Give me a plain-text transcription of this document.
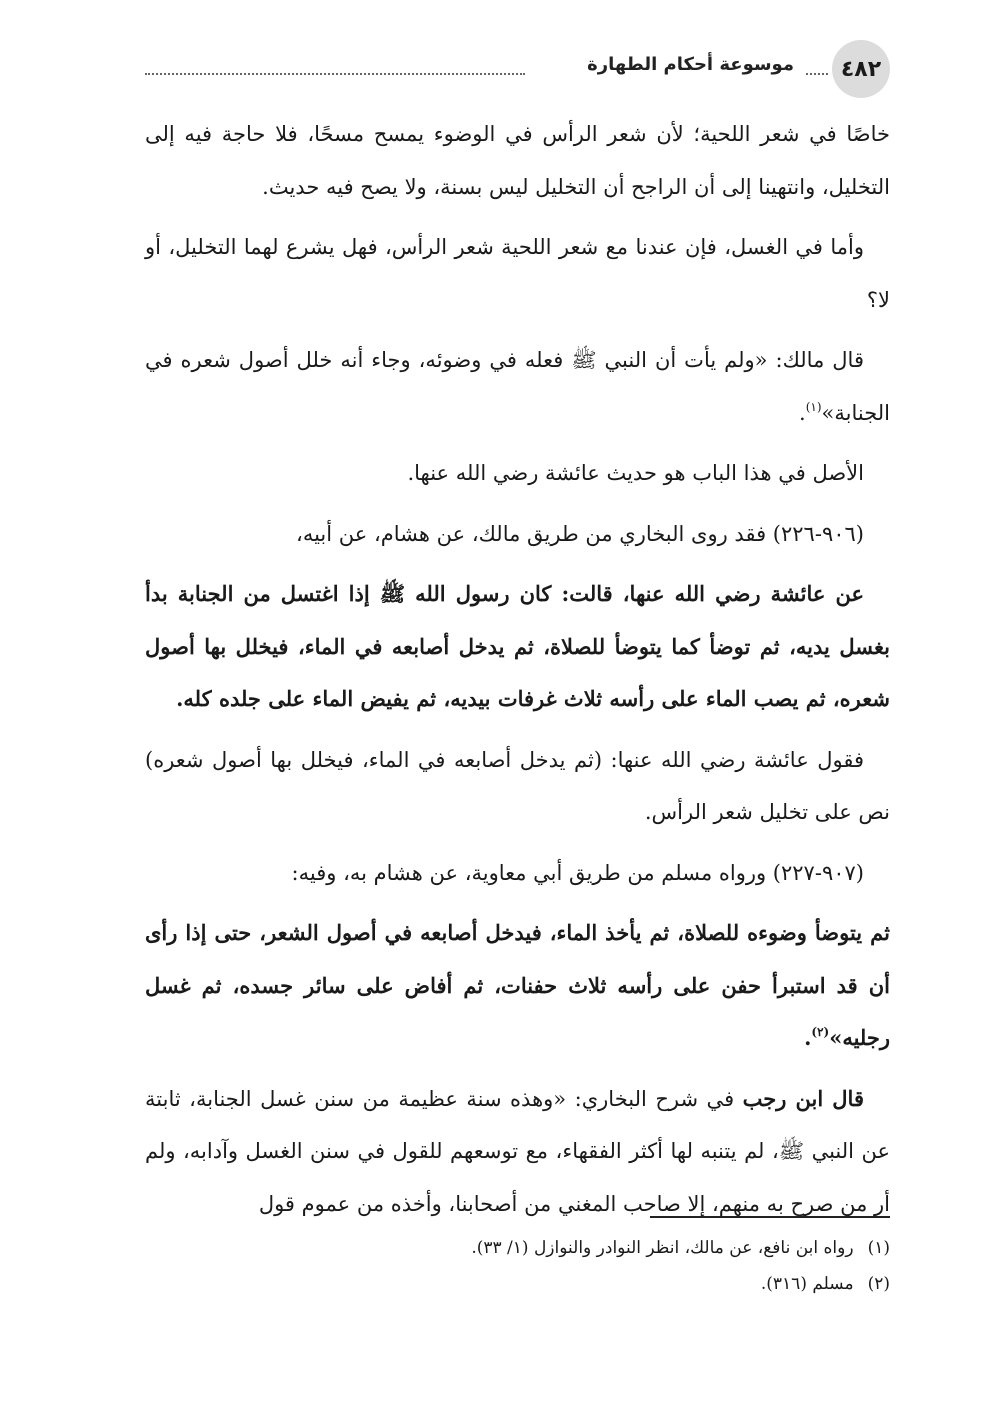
موسوعة أحكام الطهارة	٤٨٢

خاصًا في شعر اللحية؛ لأن شعر الرأس في الوضوء يمسح مسحًا، فلا حاجة فيه إلى التخليل، وانتهينا إلى أن الراجح أن التخليل ليس بسنة، ولا يصح فيه حديث.

وأما في الغسل، فإن عندنا مع شعر اللحية شعر الرأس، فهل يشرع لهما التخليل، أو لا؟

قال مالك: «ولم يأت أن النبي ﷺ فعله في وضوئه، وجاء أنه خلل أصول شعره في الجنابة»$^{(١)}$.

الأصل في هذا الباب هو حديث عائشة رضي الله عنها.

(٩٠٦-٢٢٦) فقد روى البخاري من طريق مالك، عن هشام، عن أبيه،

عن عائشة رضي الله عنها، قالت: كان رسول الله ﷺ إذا اغتسل من الجنابة بدأ بغسل يديه، ثم توضأ كما يتوضأ للصلاة، ثم يدخل أصابعه في الماء، فيخلل بها أصول شعره، ثم يصب الماء على رأسه ثلاث غرفات بيديه، ثم يفيض الماء على جلده كله.

فقول عائشة رضي الله عنها: (ثم يدخل أصابعه في الماء، فيخلل بها أصول شعره) نص على تخليل شعر الرأس.

(٩٠٧-٢٢٧) ورواه مسلم من طريق أبي معاوية، عن هشام به، وفيه:

ثم يتوضأ وضوءه للصلاة، ثم يأخذ الماء، فيدخل أصابعه في أصول الشعر، حتى إذا رأى أن قد استبرأ حفن على رأسه ثلاث حفنات، ثم أفاض على سائر جسده، ثم غسل رجليه»$^{(٢)}$.

قال ابن رجب في شرح البخاري: «وهذه سنة عظيمة من سنن غسل الجنابة، ثابتة عن النبي ﷺ، لم يتنبه لها أكثر الفقهاء، مع توسعهم للقول في سنن الغسل وآدابه، ولم أر من صرح به منهم، إلا صاحب المغني من أصحابنا، وأخذه من عموم قول

(١)رواه ابن نافع، عن مالك، انظر النوادر والنوازل (١/ ٣٣).
(٢)مسلم (٣١٦).
